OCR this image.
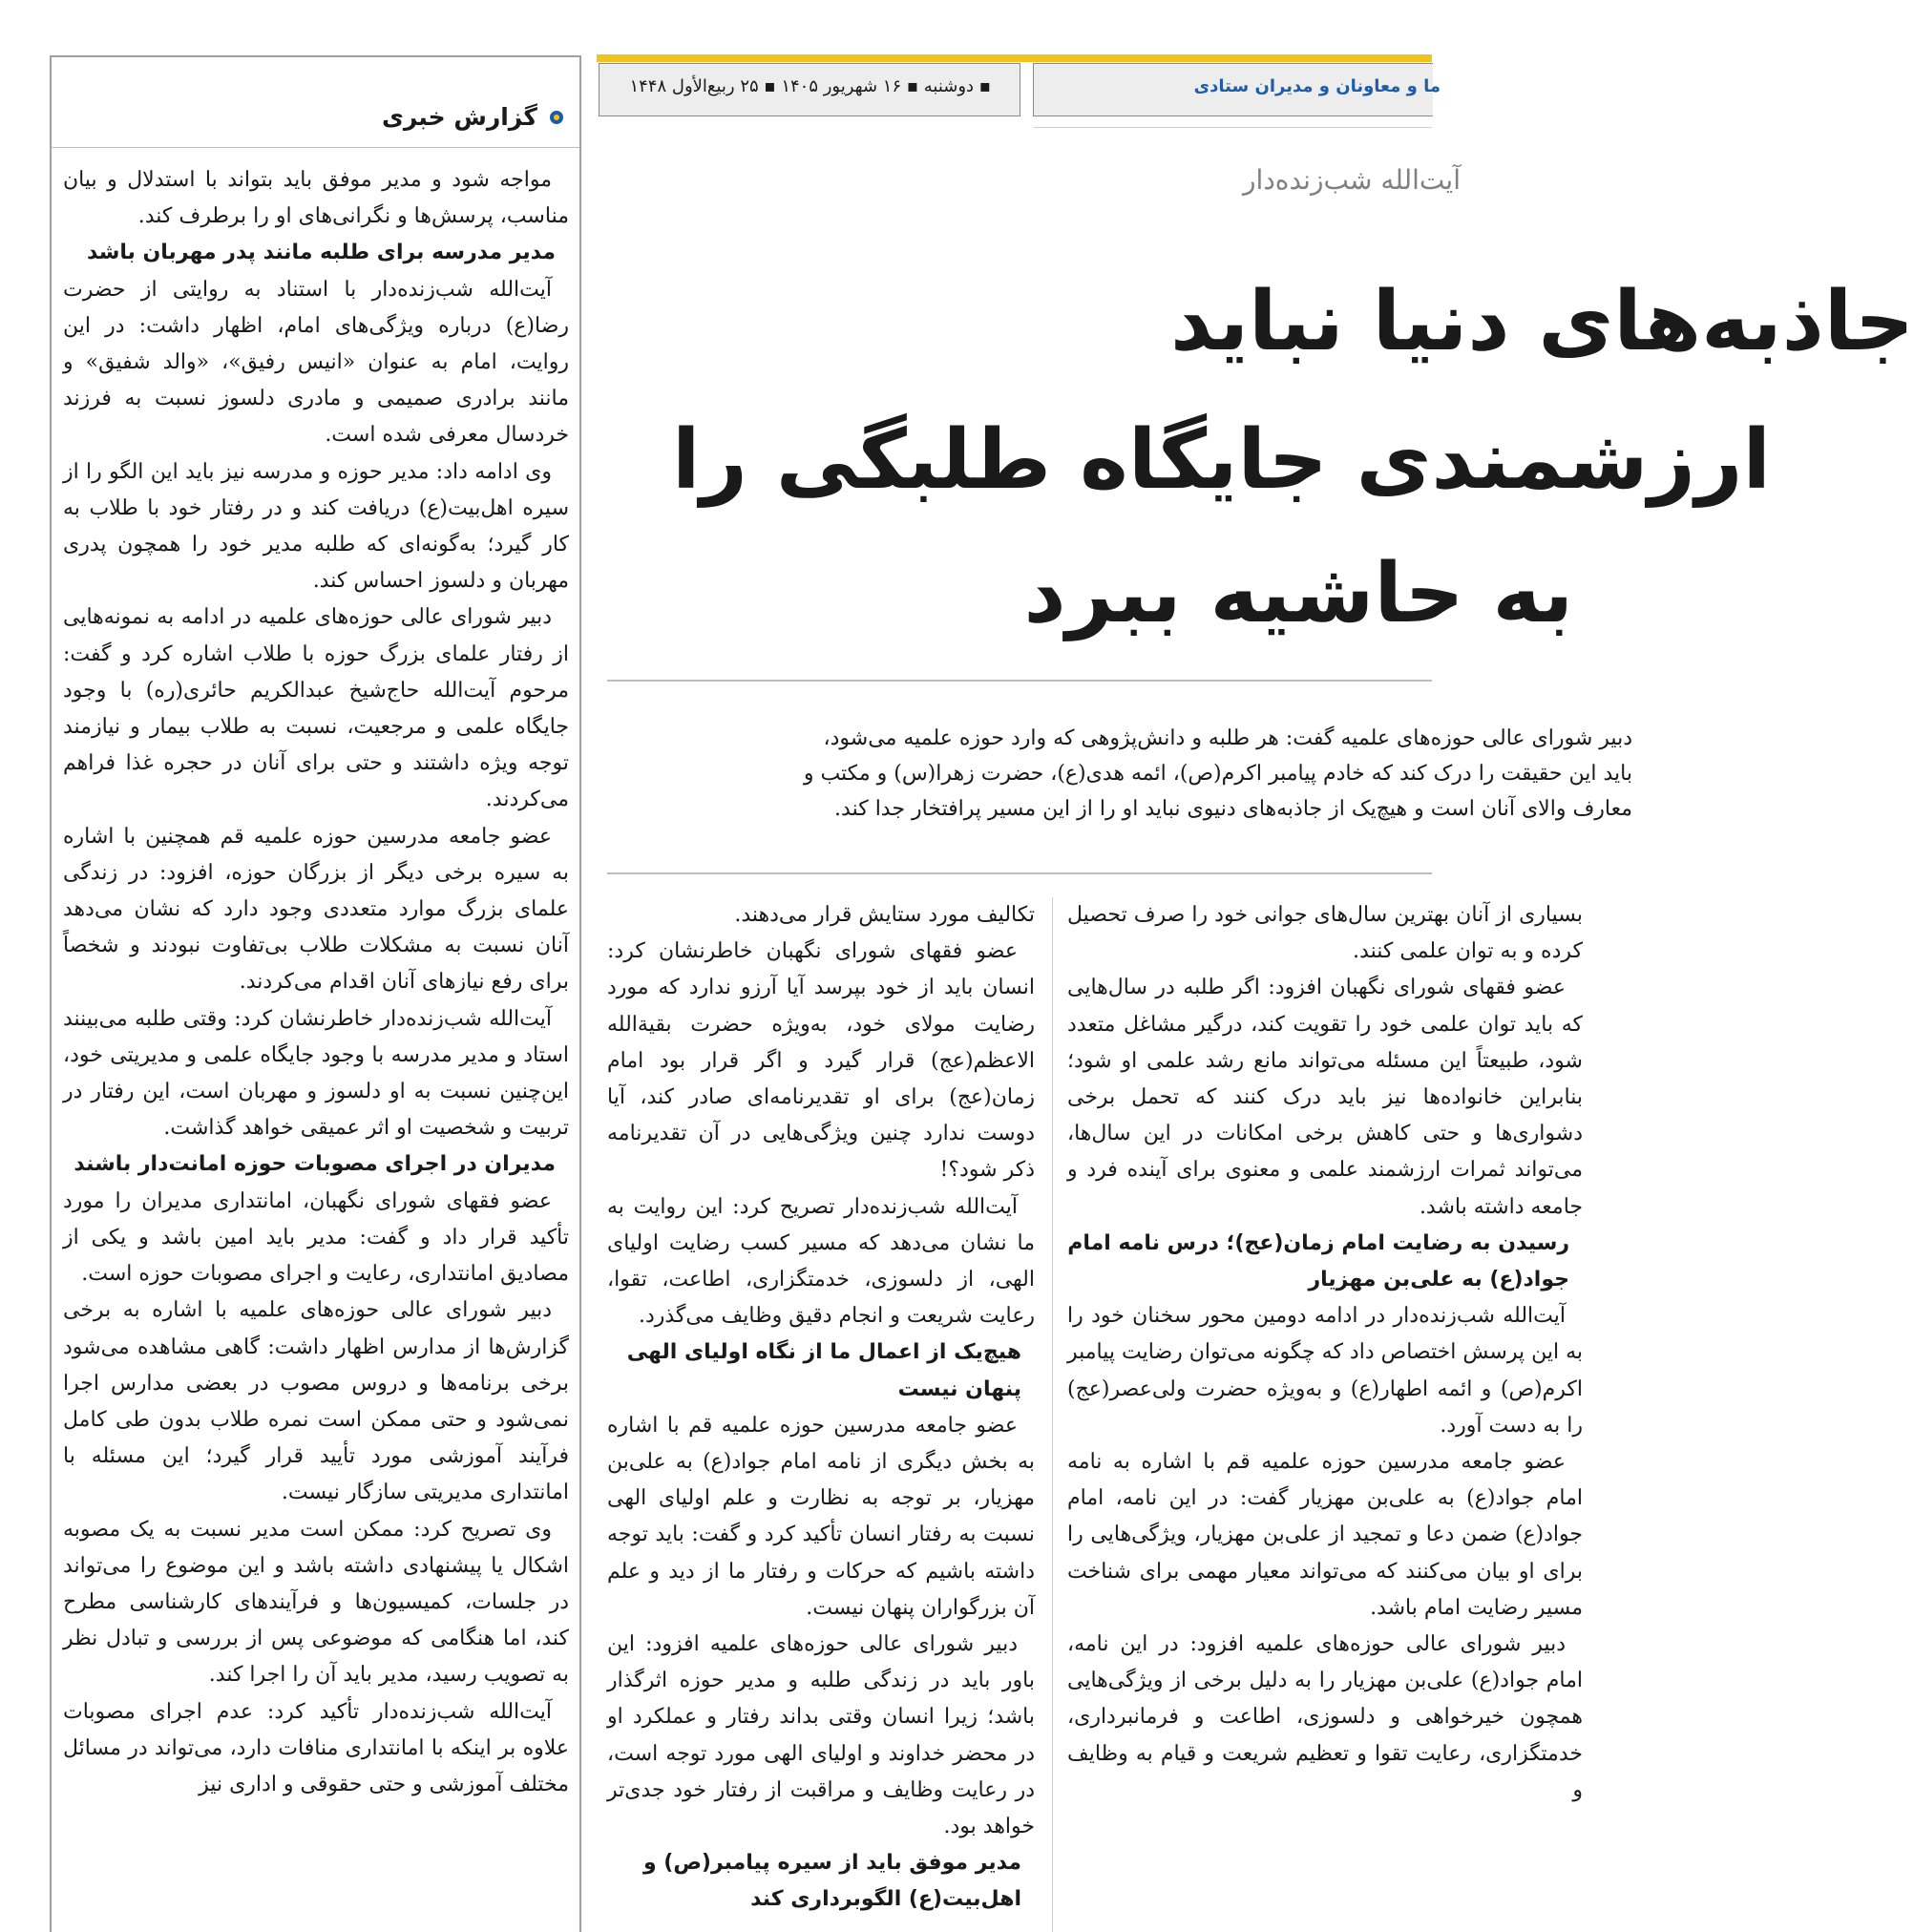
▪ دوشنبه ▪ ۱۶ شهریور ۱۴۰۵ ▪ ۲۵ ربیع‌الأول ۱۴۴۸	ما و معاونان و مدیران ستادی
گزارش خبری

مواجه شود و مدیر موفق باید بتواند با استدلال و بیان مناسب، پرسش‌ها و نگرانی‌های او را برطرف کند.

مدیر مدرسه برای طلبه مانند پدر مهربان باشد

آیت‌الله شب‌زنده‌دار با استناد به روایتی از حضرت رضا(ع) درباره ویژگی‌های امام، اظهار داشت: در این روایت، امام به عنوان «انیس رفیق»، «والد شفیق» و مانند برادری صمیمی و مادری دلسوز نسبت به فرزند خردسال معرفی شده است.

وی ادامه داد: مدیر حوزه و مدرسه نیز باید این الگو را از سیره اهل‌بیت(ع) دریافت کند و در رفتار خود با طلاب به کار گیرد؛ به‌گونه‌ای که طلبه مدیر خود را همچون پدری مهربان و دلسوز احساس کند.

دبیر شورای عالی حوزه‌های علمیه در ادامه به نمونه‌هایی از رفتار علمای بزرگ حوزه با طلاب اشاره کرد و گفت: مرحوم آیت‌الله حاج‌شیخ عبدالکریم حائری(ره) با وجود جایگاه علمی و مرجعیت، نسبت به طلاب بیمار و نیازمند توجه ویژه داشتند و حتی برای آنان در حجره غذا فراهم می‌کردند.

عضو جامعه مدرسین حوزه علمیه قم همچنین با اشاره به سیره برخی دیگر از بزرگان حوزه، افزود: در زندگی علمای بزرگ موارد متعددی وجود دارد که نشان می‌دهد آنان نسبت به مشکلات طلاب بی‌تفاوت نبودند و شخصاً برای رفع نیازهای آنان اقدام می‌کردند.

آیت‌الله شب‌زنده‌دار خاطرنشان کرد: وقتی طلبه می‌بینند استاد و مدیر مدرسه با وجود جایگاه علمی و مدیریتی خود، این‌چنین نسبت به او دلسوز و مهربان است، این رفتار در تربیت و شخصیت او اثر عمیقی خواهد گذاشت.

مدیران در اجرای مصوبات حوزه امانت‌دار باشند

عضو فقهای شورای نگهبان، امانتداری مدیران را مورد تأکید قرار داد و گفت: مدیر باید امین باشد و یکی از مصادیق امانتداری، رعایت و اجرای مصوبات حوزه است.

دبیر شورای عالی حوزه‌های علمیه با اشاره به برخی گزارش‌ها از مدارس اظهار داشت: گاهی مشاهده می‌شود برخی برنامه‌ها و دروس مصوب در بعضی مدارس اجرا نمی‌شود و حتی ممکن است نمره طلاب بدون طی کامل فرآیند آموزشی مورد تأیید قرار گیرد؛ این مسئله با امانتداری مدیریتی سازگار نیست.

وی تصریح کرد: ممکن است مدیر نسبت به یک مصوبه اشکال یا پیشنهادی داشته باشد و این موضوع را می‌تواند در جلسات، کمیسیون‌ها و فرآیندهای کارشناسی مطرح کند، اما هنگامی که موضوعی پس از بررسی و تبادل نظر به تصویب رسید، مدیر باید آن را اجرا کند.

آیت‌الله شب‌زنده‌دار تأکید کرد: عدم اجرای مصوبات علاوه بر اینکه با امانتداری منافات دارد، می‌تواند در مسائل مختلف آموزشی و حتی حقوقی و اداری نیز

آیت‌الله شب‌زنده‌دار
جاذبه‌های دنیا نباید
ارزشمندی جایگاه طلبگی را
به حاشیه ببرد
دبیر شورای عالی حوزه‌های علمیه گفت: هر طلبه و دانش‌پژوهی که وارد حوزه علمیه می‌شود،
باید این حقیقت را درک کند که خادم پیامبر اکرم(ص)، ائمه هدی(ع)، حضرت زهرا(س) و مکتب و
معارف والای آنان است و هیچ‌یک از جاذبه‌های دنیوی نباید او را از این مسیر پرافتخار جدا کند.

تکالیف مورد ستایش قرار می‌دهند.

عضو فقهای شورای نگهبان خاطرنشان کرد: انسان باید از خود بپرسد آیا آرزو ندارد که مورد رضایت مولای خود، به‌ویژه حضرت بقیةالله الاعظم(عج) قرار گیرد و اگر قرار بود امام زمان(عج) برای او تقدیرنامه‌ای صادر کند، آیا دوست ندارد چنین ویژگی‌هایی در آن تقدیرنامه ذکر شود؟!

آیت‌الله شب‌زنده‌دار تصریح کرد: این روایت به ما نشان می‌دهد که مسیر کسب رضایت اولیای الهی، از دلسوزی، خدمتگزاری، اطاعت، تقوا، رعایت شریعت و انجام دقیق وظایف می‌گذرد.

هیچ‌یک از اعمال ما از نگاه اولیای الهی پنهان نیست

عضو جامعه مدرسین حوزه علمیه قم با اشاره به بخش دیگری از نامه امام جواد(ع) به علی‌بن مهزیار، بر توجه به نظارت و علم اولیای الهی نسبت به رفتار انسان تأکید کرد و گفت: باید توجه داشته باشیم که حرکات و رفتار ما از دید و علم آن بزرگواران پنهان نیست.

دبیر شورای عالی حوزه‌های علمیه افزود: این باور باید در زندگی طلبه و مدیر حوزه اثرگذار باشد؛ زیرا انسان وقتی بداند رفتار و عملکرد او در محضر خداوند و اولیای الهی مورد توجه است، در رعایت وظایف و مراقبت از رفتار خود جدی‌تر خواهد بود.

مدیر موفق باید از سیره پیامبر(ص) و اهل‌بیت(ع) الگوبرداری کند

بسیاری از آنان بهترین سال‌های جوانی خود را صرف تحصیل کرده و به توان علمی کنند.

عضو فقهای شورای نگهبان افزود: اگر طلبه در سال‌هایی که باید توان علمی خود را تقویت کند، درگیر مشاغل متعدد شود، طبیعتاً این مسئله می‌تواند مانع رشد علمی او شود؛ بنابراین خانواده‌ها نیز باید درک کنند که تحمل برخی دشواری‌ها و حتی کاهش برخی امکانات در این سال‌ها، می‌تواند ثمرات ارزشمند علمی و معنوی برای آینده فرد و جامعه داشته باشد.

رسیدن به رضایت امام زمان(عج)؛ درس نامه امام جواد(ع) به علی‌بن مهزیار

آیت‌الله شب‌زنده‌دار در ادامه دومین محور سخنان خود را به این پرسش اختصاص داد که چگونه می‌توان رضایت پیامبر اکرم(ص) و ائمه اطهار(ع) و به‌ویژه حضرت ولی‌عصر(عج) را به دست آورد.

عضو جامعه مدرسین حوزه علمیه قم با اشاره به نامه امام جواد(ع) به علی‌بن مهزیار گفت: در این نامه، امام جواد(ع) ضمن دعا و تمجید از علی‌بن مهزیار، ویژگی‌هایی را برای او بیان می‌کنند که می‌تواند معیار مهمی برای شناخت مسیر رضایت امام باشد.

دبیر شورای عالی حوزه‌های علمیه افزود: در این نامه، امام جواد(ع) علی‌بن مهزیار را به دلیل برخی از ویژگی‌هایی همچون خیرخواهی و دلسوزی، اطاعت و فرمانبرداری، خدمتگزاری، رعایت تقوا و تعظیم شریعت و قیام به وظایف و
